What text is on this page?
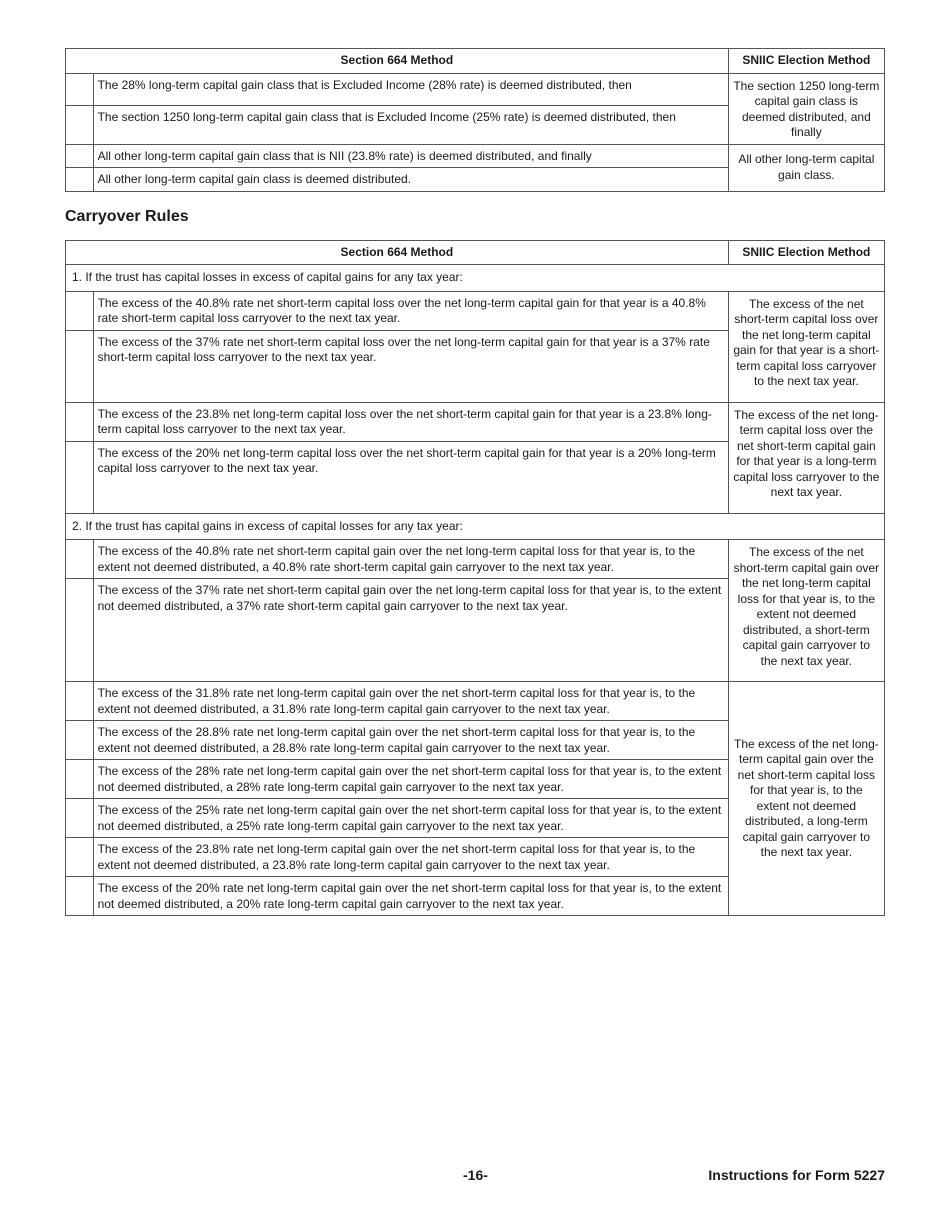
Section 664 Method		SNIIC Election Method
	The 28% long-term capital gain class that is Excluded Income (28% rate) is deemed distributed, then	The section 1250 long-term capital gain class is deemed distributed, and finally
	The section 1250 long-term capital gain class that is Excluded Income (25% rate) is deemed distributed, then	
	All other long-term capital gain class that is NII (23.8% rate) is deemed distributed, and finally	All other long-term capital gain class.
	All other long-term capital gain class is deemed distributed.	
Carryover Rules
Section 664 Method		SNIIC Election Method
1. If the trust has capital losses in excess of capital gains for any tax year:		
	The excess of the 40.8% rate net short-term capital loss over the net long-term capital gain for that year is a 40.8% rate short-term capital loss carryover to the next tax year.	The excess of the net short-term capital loss over the net long-term capital gain for that year is a short-term capital loss carryover to the next tax year.
	The excess of the 37% rate net short-term capital loss over the net long-term capital gain for that year is a 37% rate short-term capital loss carryover to the next tax year.	
	The excess of the 23.8% net long-term capital loss over the net short-term capital gain for that year is a 23.8% long-term capital loss carryover to the next tax year.	The excess of the net long-term capital loss over the net short-term capital gain for that year is a long-term capital loss carryover to the next tax year.
	The excess of the 20% net long-term capital loss over the net short-term capital gain for that year is a 20% long-term capital loss carryover to the next tax year.	
2. If the trust has capital gains in excess of capital losses for any tax year:		
	The excess of the 40.8% rate net short-term capital gain over the net long-term capital loss for that year is, to the extent not deemed distributed, a 40.8% rate short-term capital gain carryover to the next tax year.	The excess of the net short-term capital gain over the net long-term capital loss for that year is, to the extent not deemed distributed, a short-term capital gain carryover to the next tax year.
	The excess of the 37% rate net short-term capital gain over the net long-term capital loss for that year is, to the extent not deemed distributed, a 37% rate short-term capital gain carryover to the next tax year.	
	The excess of the 31.8% rate net long-term capital gain over the net short-term capital loss for that year is, to the extent not deemed distributed, a 31.8% rate long-term capital gain carryover to the next tax year.	The excess of the net long-term capital gain over the net short-term capital loss for that year is, to the extent not deemed distributed, a long-term capital gain carryover to the next tax year.
	The excess of the 28.8% rate net long-term capital gain over the net short-term capital loss for that year is, to the extent not deemed distributed, a 28.8% rate long-term capital gain carryover to the next tax year.	
	The excess of the 28% rate net long-term capital gain over the net short-term capital loss for that year is, to the extent not deemed distributed, a 28% rate long-term capital gain carryover to the next tax year.	
	The excess of the 25% rate net long-term capital gain over the net short-term capital loss for that year is, to the extent not deemed distributed, a 25% rate long-term capital gain carryover to the next tax year.	
	The excess of the 23.8% rate net long-term capital gain over the net short-term capital loss for that year is, to the extent not deemed distributed, a 23.8% rate long-term capital gain carryover to the next tax year.	
	The excess of the 20% rate net long-term capital gain over the net short-term capital loss for that year is, to the extent not deemed distributed, a 20% rate long-term capital gain carryover to the next tax year.	
-16-	Instructions for Form 5227
